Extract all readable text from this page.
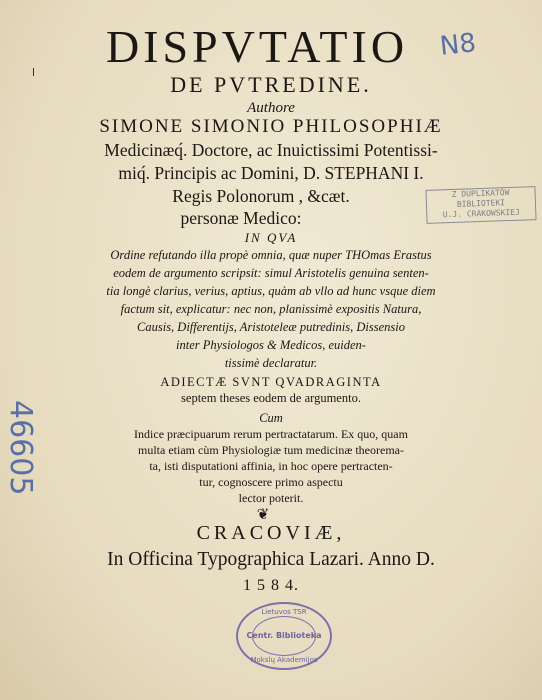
DISPVTATIO
DE PVTREDINE.
Authore
SIMONE SIMONIO PHILOSOPHIÆ
Medicinæq́. Doctore, ac Inuictissimi Potentissi-
miq́. Principis ac Domini, D. STEPHANI I.
Regis Polonorum , &cæt.
personæ Medico:
IN QVA
Ordine refutando illa propè omnia, quæ nuper THOmas Erastus
eodem de argumento scripsit: simul Aristotelis genuina senten-
tia longè clarius, verius, aptius, quàm ab vllo ad hunc vsque diem
factum sit, explicatur: nec non, planissimè expositis Natura,
Causis, Differentijs, Aristoteleæ putredinis, Dissensio
inter Physiologos & Medicos, euiden-
tissimè declaratur.
ADIECTÆ SVNT QVADRAGINTA
septem theses eodem de argumento.
Cum
Indice præcipuarum rerum pertractatarum. Ex quo, quam
multa etiam cùm Physiologiæ tum medicinæ theorema-
ta, isti disputationi affinia, in hoc opere pertracten-
tur, cognoscere primo aspectu
lector poterit.
❦
CRACOVIÆ,
In Officina Typographica Lazari. Anno D.
1 5 8 4.
N8
46605
Z DUPLIKATÓW
BIBLIOTEKI
U.J. CRAKOWSKIEJ
Lietuvos TSR
Centr. Biblioteka
Mokslų Akademijos
